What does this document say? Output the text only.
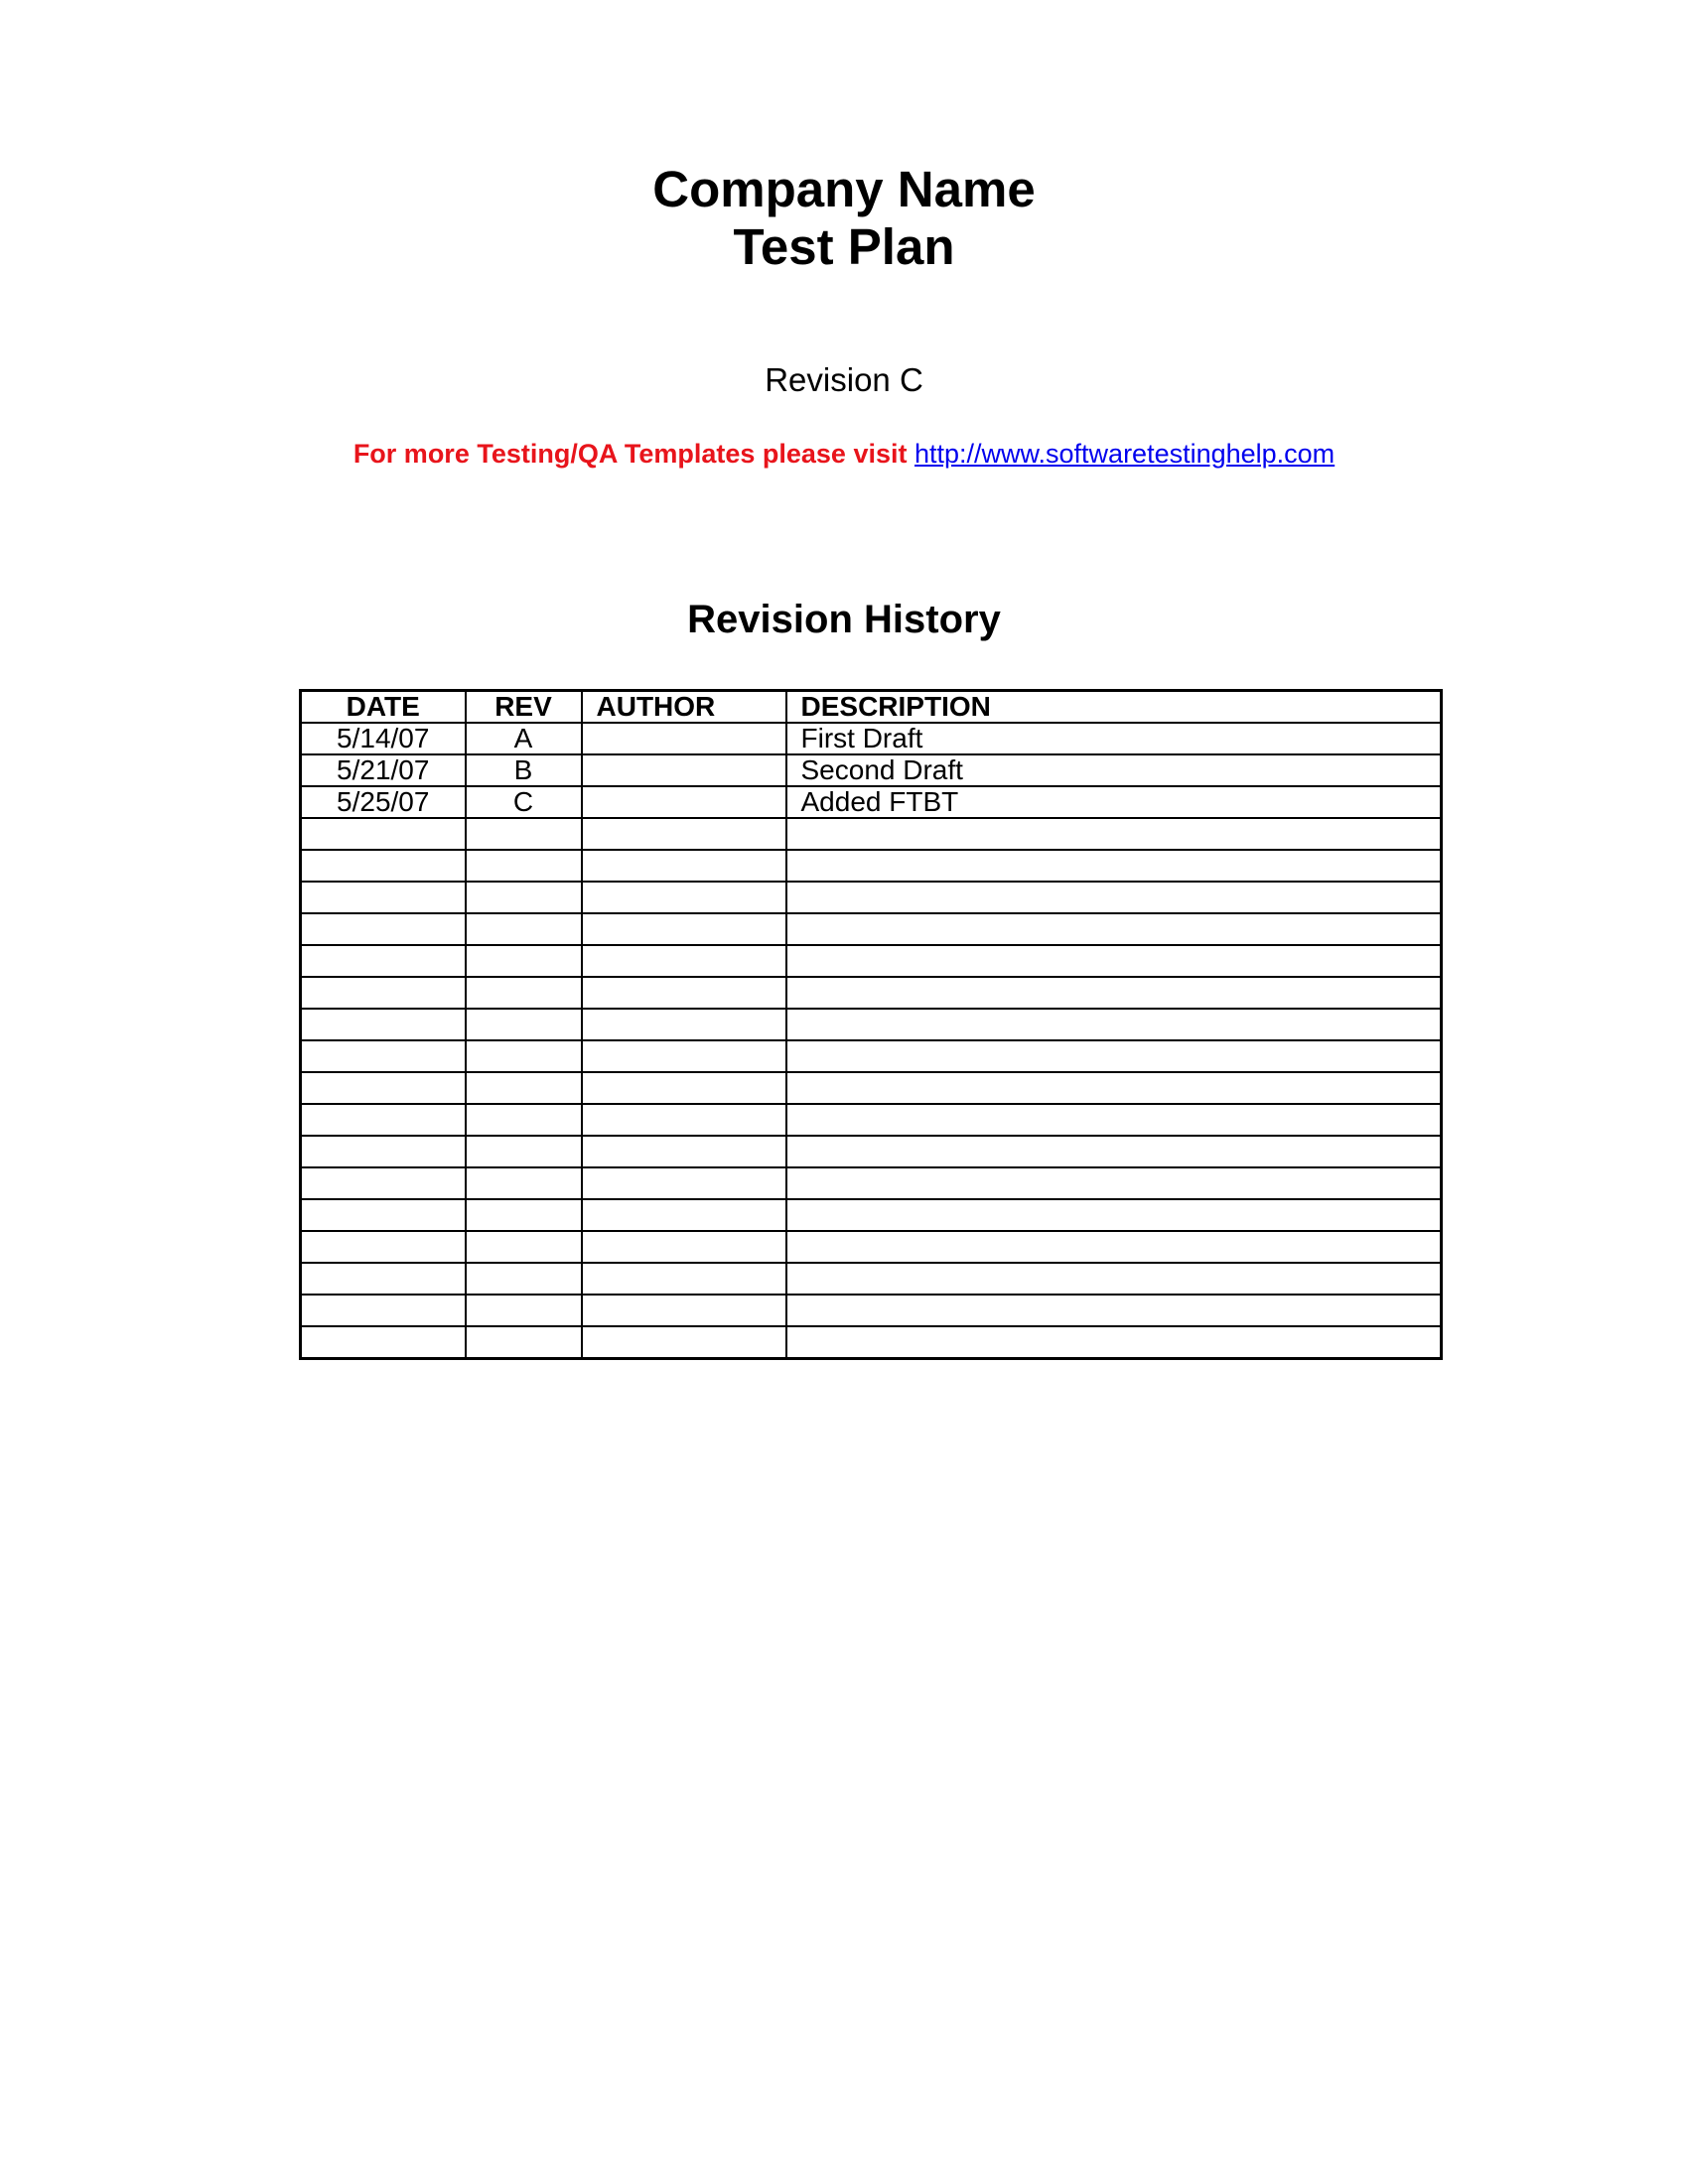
Company Name

Test Plan

Revision C
For more Testing/QA Templates please visit http://www.softwaretestinghelp.com
Revision History
DATE	REV	AUTHOR	DESCRIPTION
5/14/07	A		First Draft
5/21/07	B		Second Draft
5/25/07	C		Added FTBT
